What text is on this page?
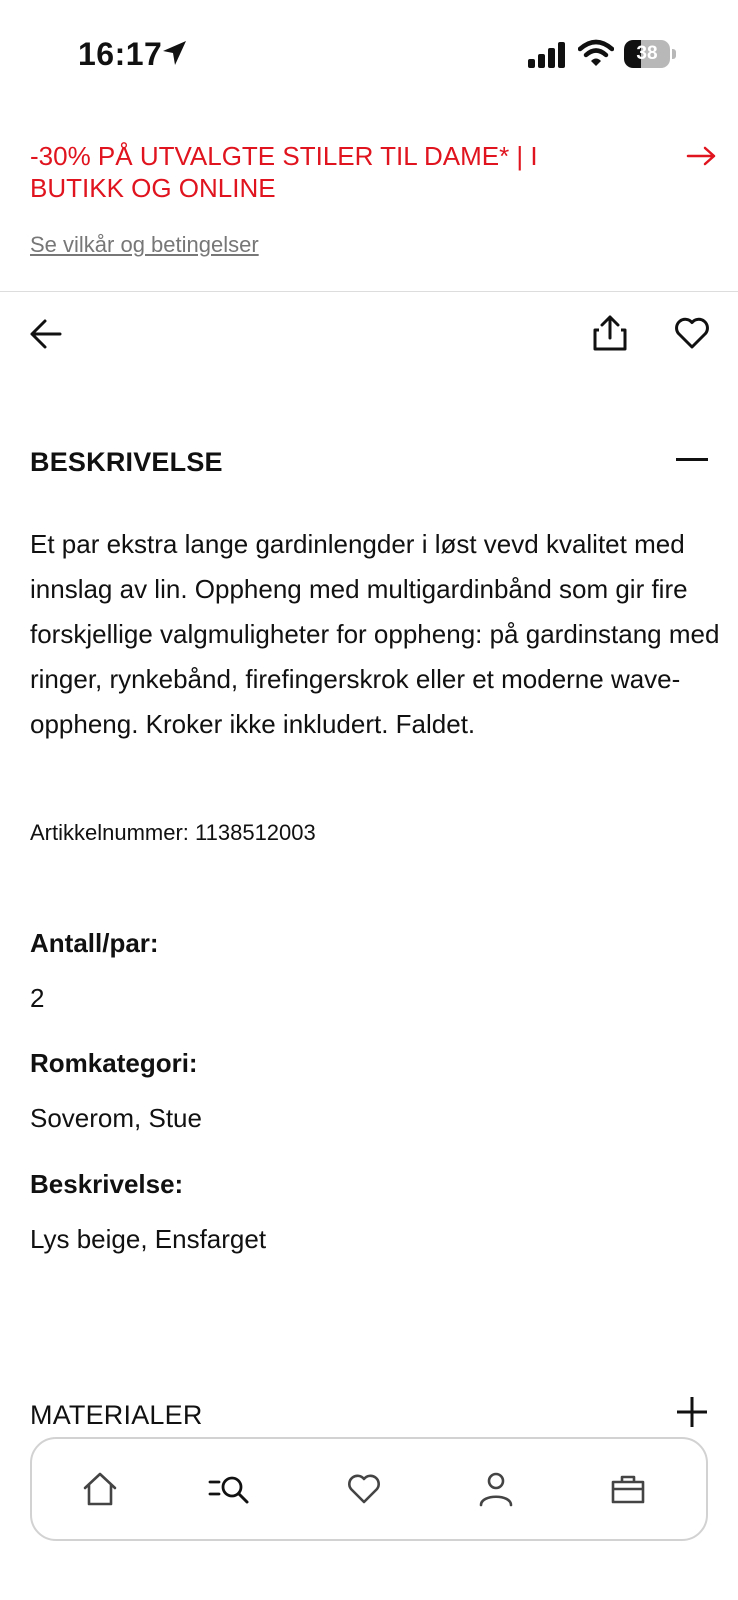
16:17	38
-30% PÅ UTVALGTE STILER TIL DAME* | I BUTIKK OG ONLINE
Se vilkår og betingelser
BESKRIVELSE

Et par ekstra lange gardinlengder i løst vevd kvalitet med innslag av lin. Oppheng med multigardinbånd som gir fire forskjellige valgmuligheter for oppheng: på gardinstang med ringer, rynkebånd, firefingerskrok eller et moderne wave-oppheng. Kroker ikke inkludert. Faldet.

Artikkelnummer: 1138512003
Antall/par:
2
Romkategori:
Soverom, Stue
Beskrivelse:
Lys beige, Ensfarget
MATERIALER
